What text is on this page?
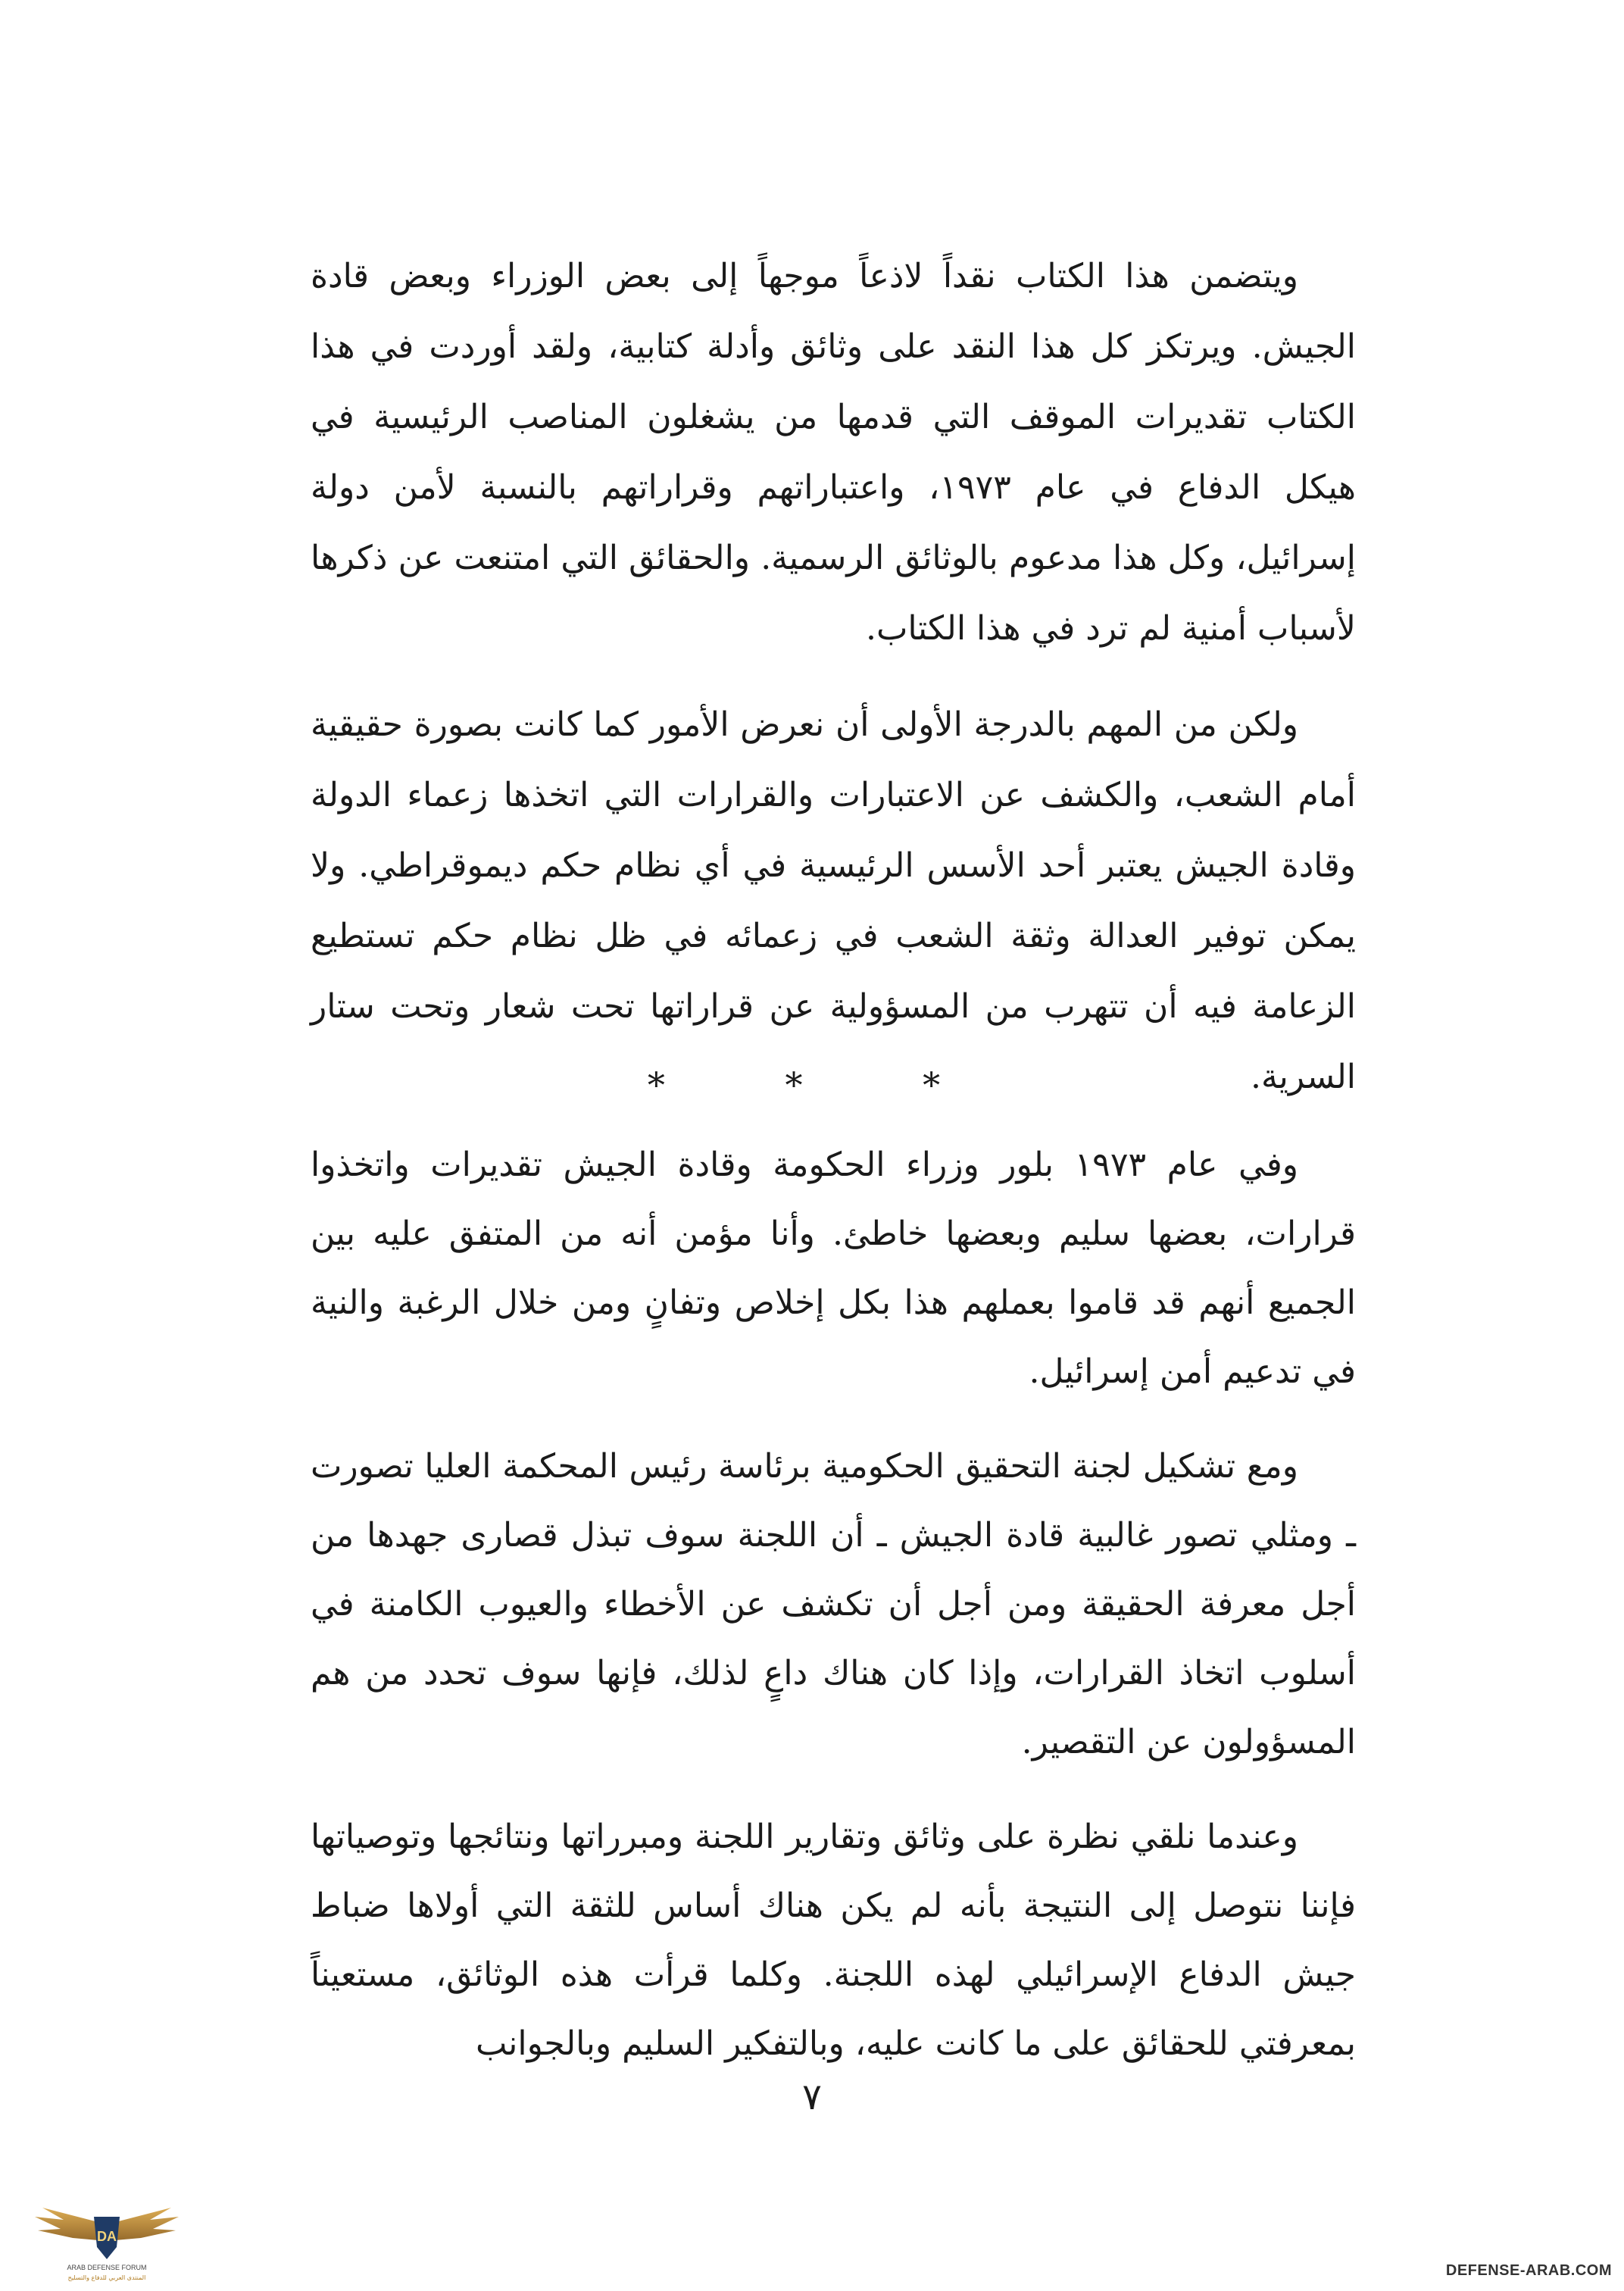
ويتضمن هذا الكتاب نقداً لاذعاً موجهاً إلى بعض الوزراء وبعض قادة الجيش. ويرتكز كل هذا النقد على وثائق وأدلة كتابية، ولقد أوردت في هذا الكتاب تقديرات الموقف التي قدمها من يشغلون المناصب الرئيسية في هيكل الدفاع في عام ١٩٧٣، واعتباراتهم وقراراتهم بالنسبة لأمن دولة إسرائيل، وكل هذا مدعوم بالوثائق الرسمية. والحقائق التي امتنعت عن ذكرها لأسباب أمنية لم ترد في هذا الكتاب.

ولكن من المهم بالدرجة الأولى أن نعرض الأمور كما كانت بصورة حقيقية أمام الشعب، والكشف عن الاعتبارات والقرارات التي اتخذها زعماء الدولة وقادة الجيش يعتبر أحد الأسس الرئيسية في أي نظام حكم ديموقراطي. ولا يمكن توفير العدالة وثقة الشعب في زعمائه في ظل نظام حكم تستطيع الزعامة فيه أن تتهرب من المسؤولية عن قراراتها تحت شعار وتحت ستار السرية.

* * *

وفي عام ١٩٧٣ بلور وزراء الحكومة وقادة الجيش تقديرات واتخذوا قرارات، بعضها سليم وبعضها خاطئ. وأنا مؤمن أنه من المتفق عليه بين الجميع أنهم قد قاموا بعملهم هذا بكل إخلاص وتفانٍ ومن خلال الرغبة والنية في تدعيم أمن إسرائيل.

ومع تشكيل لجنة التحقيق الحكومية برئاسة رئيس المحكمة العليا تصورت ـ ومثلي تصور غالبية قادة الجيش ـ أن اللجنة سوف تبذل قصارى جهدها من أجل معرفة الحقيقة ومن أجل أن تكشف عن الأخطاء والعيوب الكامنة في أسلوب اتخاذ القرارات، وإذا كان هناك داعٍ لذلك، فإنها سوف تحدد من هم المسؤولون عن التقصير.

وعندما نلقي نظرة على وثائق وتقارير اللجنة ومبرراتها ونتائجها وتوصياتها فإننا نتوصل إلى النتيجة بأنه لم يكن هناك أساس للثقة التي أولاها ضباط جيش الدفاع الإسرائيلي لهذه اللجنة. وكلما قرأت هذه الوثائق، مستعيناً بمعرفتي للحقائق على ما كانت عليه، وبالتفكير السليم وبالجوانب

٧
DA
ARAB DEFENSE FORUM
المنتدى العربي للدفاع والتسليح	DEFENSE-ARAB.COM
